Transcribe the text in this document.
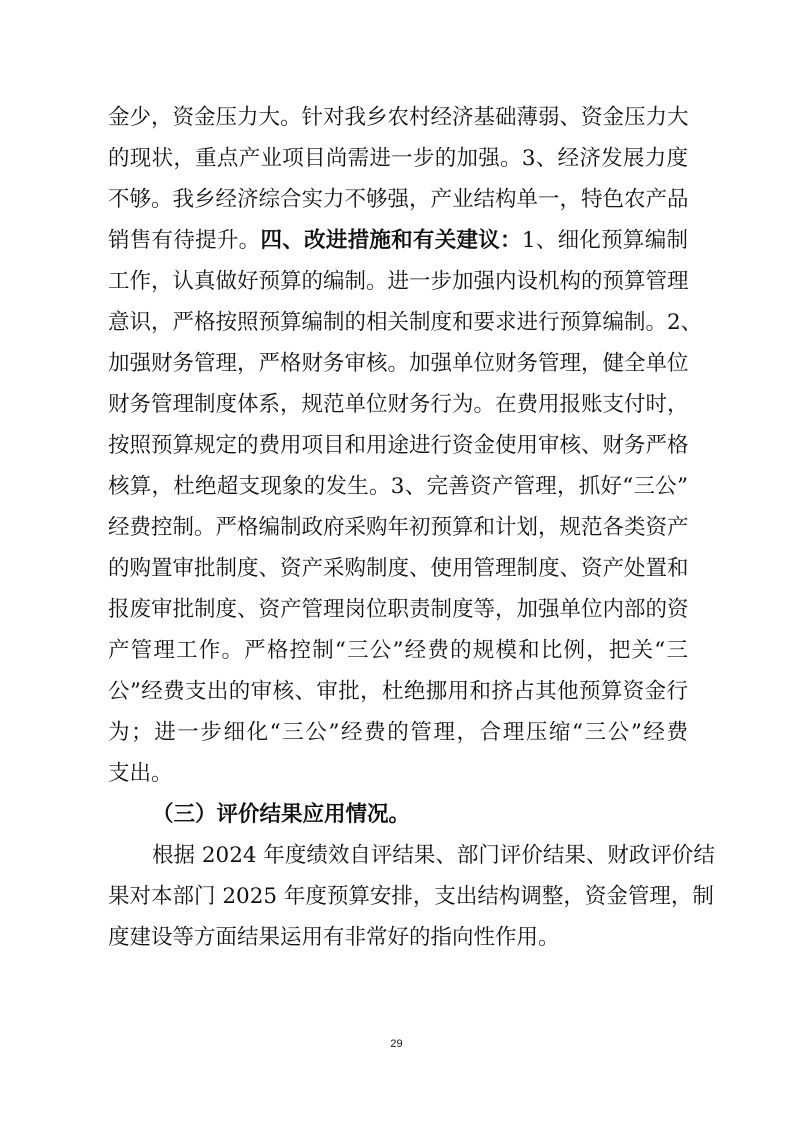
金少，资金压力大。针对我乡农村经济基础薄弱、资金压力大
的现状，重点产业项目尚需进一步的加强。3、经济发展力度
不够。我乡经济综合实力不够强，产业结构单一，特色农产品
销售有待提升。四、改进措施和有关建议：1、细化预算编制
工作，认真做好预算的编制。进一步加强内设机构的预算管理
意识，严格按照预算编制的相关制度和要求进行预算编制。2、
加强财务管理，严格财务审核。加强单位财务管理，健全单位
财务管理制度体系，规范单位财务行为。在费用报账支付时，
按照预算规定的费用项目和用途进行资金使用审核、财务严格
核算，杜绝超支现象的发生。3、完善资产管理，抓好“三公”
经费控制。严格编制政府采购年初预算和计划，规范各类资产
的购置审批制度、资产采购制度、使用管理制度、资产处置和
报废审批制度、资产管理岗位职责制度等，加强单位内部的资
产管理工作。严格控制“三公”经费的规模和比例，把关“三
公”经费支出的审核、审批，杜绝挪用和挤占其他预算资金行
为；进一步细化“三公”经费的管理，合理压缩“三公”经费
支出。
（三）评价结果应用情况。
根据 2024 年度绩效自评结果、部门评价结果、财政评价结
果对本部门 2025 年度预算安排，支出结构调整，资金管理，制
度建设等方面结果运用有非常好的指向性作用。
29
